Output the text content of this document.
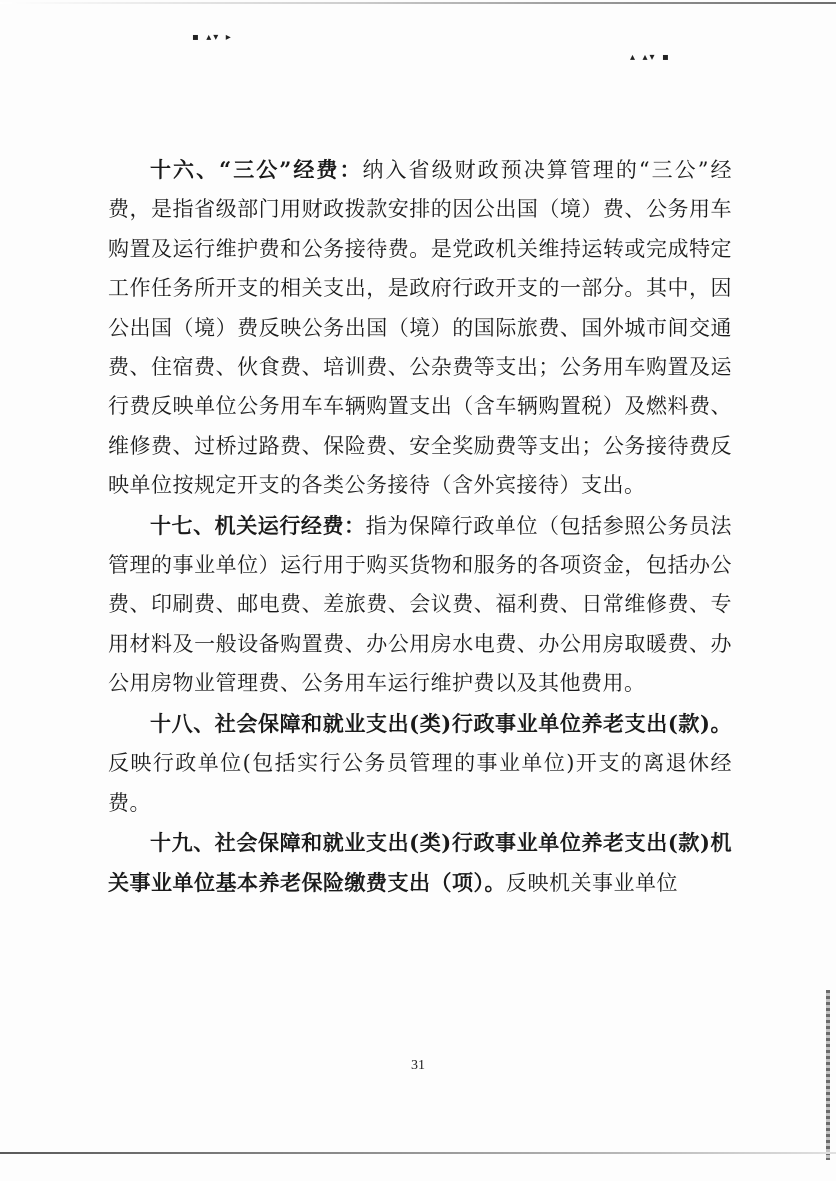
▪ ▴▾ ▸
▴ ▴▾ ▪

十六、“三公”经费：纳入省级财政预决算管理的“三公”经费，是指省级部门用财政拨款安排的因公出国（境）费、公务用车购置及运行维护费和公务接待费。是党政机关维持运转或完成特定工作任务所开支的相关支出，是政府行政开支的一部分。其中，因公出国（境）费反映公务出国（境）的国际旅费、国外城市间交通费、住宿费、伙食费、培训费、公杂费等支出；公务用车购置及运行费反映单位公务用车车辆购置支出（含车辆购置税）及燃料费、维修费、过桥过路费、保险费、安全奖励费等支出；公务接待费反映单位按规定开支的各类公务接待（含外宾接待）支出。

十七、机关运行经费：指为保障行政单位（包括参照公务员法管理的事业单位）运行用于购买货物和服务的各项资金，包括办公费、印刷费、邮电费、差旅费、会议费、福利费、日常维修费、专用材料及一般设备购置费、办公用房水电费、办公用房取暖费、办公用房物业管理费、公务用车运行维护费以及其他费用。

十八、社会保障和就业支出(类)行政事业单位养老支出(款)。反映行政单位(包括实行公务员管理的事业单位)开支的离退休经费。

十九、社会保障和就业支出(类)行政事业单位养老支出(款)机关事业单位基本养老保险缴费支出（项）。反映机关事业单位

31
